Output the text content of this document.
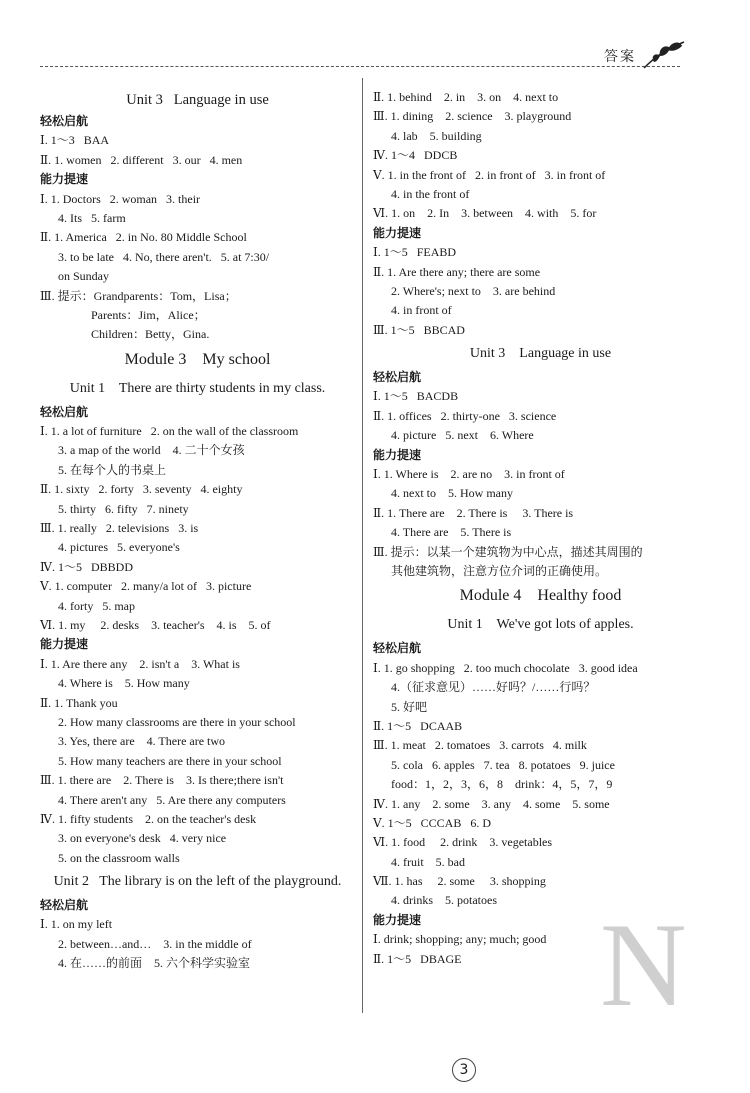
答案
Unit 3   Language in use
轻松启航
Ⅰ. 1～3   BAA
Ⅱ. 1. women   2. different   3. our   4. men
能力提速
Ⅰ. 1. Doctors   2. woman   3. their
4. Its   5. farm
Ⅱ. 1. America   2. in No. 80 Middle School
3. to be late   4. No, there aren't.   5. at 7:30/
on Sunday
Ⅲ. 提示：Grandparents：Tom，Lisa；
Parents：Jim，Alice；
Children：Betty，Gina.
Module 3    My school
Unit 1    There are thirty students in my class.
轻松启航
Ⅰ. 1. a lot of furniture   2. on the wall of the classroom
3. a map of the world    4. 二十个女孩
5. 在每个人的书桌上
Ⅱ. 1. sixty   2. forty   3. seventy   4. eighty
5. thirty   6. fifty   7. ninety
Ⅲ. 1. really   2. televisions   3. is
4. pictures   5. everyone's
Ⅳ. 1～5   DBBDD
Ⅴ. 1. computer   2. many/a lot of   3. picture
4. forty   5. map
Ⅵ. 1. my     2. desks    3. teacher's    4. is    5. of
能力提速
Ⅰ. 1. Are there any    2. isn't a    3. What is
4. Where is    5. How many
Ⅱ. 1. Thank you
2. How many classrooms are there in your school
3. Yes, there are    4. There are two
5. How many teachers are there in your school
Ⅲ. 1. there are    2. There is    3. Is there;there isn't
4. There aren't any   5. Are there any computers
Ⅳ. 1. fifty students    2. on the teacher's desk
3. on everyone's desk   4. very nice
5. on the classroom walls
Unit 2   The library is on the left of the playground.
轻松启航
Ⅰ. 1. on my left
2. between…and…    3. in the middle of
4. 在……的前面    5. 六个科学实验室
Ⅱ. 1. behind    2. in    3. on    4. next to
Ⅲ. 1. dining    2. science    3. playground
4. lab    5. building
Ⅳ. 1～4   DDCB
Ⅴ. 1. in the front of   2. in front of   3. in front of
4. in the front of
Ⅵ. 1. on    2. In    3. between    4. with    5. for
能力提速
Ⅰ. 1～5   FEABD
Ⅱ. 1. Are there any; there are some
2. Where's; next to    3. are behind
4. in front of
Ⅲ. 1～5   BBCAD
Unit 3    Language in use
轻松启航
Ⅰ. 1～5   BACDB
Ⅱ. 1. offices   2. thirty-one   3. science
4. picture   5. next    6. Where
能力提速
Ⅰ. 1. Where is    2. are no    3. in front of
4. next to    5. How many
Ⅱ. 1. There are    2. There is     3. There is
4. There are    5. There is
Ⅲ. 提示：以某一个建筑物为中心点，描述其周围的
其他建筑物，注意方位介词的正确使用。
Module 4    Healthy food
Unit 1    We've got lots of apples.
轻松启航
Ⅰ. 1. go shopping   2. too much chocolate   3. good idea
4.（征求意见）……好吗？/……行吗？
5. 好吧
Ⅱ. 1～5   DCAAB
Ⅲ. 1. meat   2. tomatoes   3. carrots   4. milk
5. cola   6. apples   7. tea   8. potatoes   9. juice
food：1，2，3，6，8    drink：4，5，7，9
Ⅳ. 1. any    2. some    3. any    4. some    5. some
Ⅴ. 1～5   CCCAB   6. D
Ⅵ. 1. food     2. drink    3. vegetables
4. fruit    5. bad
Ⅶ. 1. has     2. some     3. shopping
4. drinks    5. potatoes
能力提速
Ⅰ. drink; shopping; any; much; good
Ⅱ. 1～5   DBAGE	N
3
